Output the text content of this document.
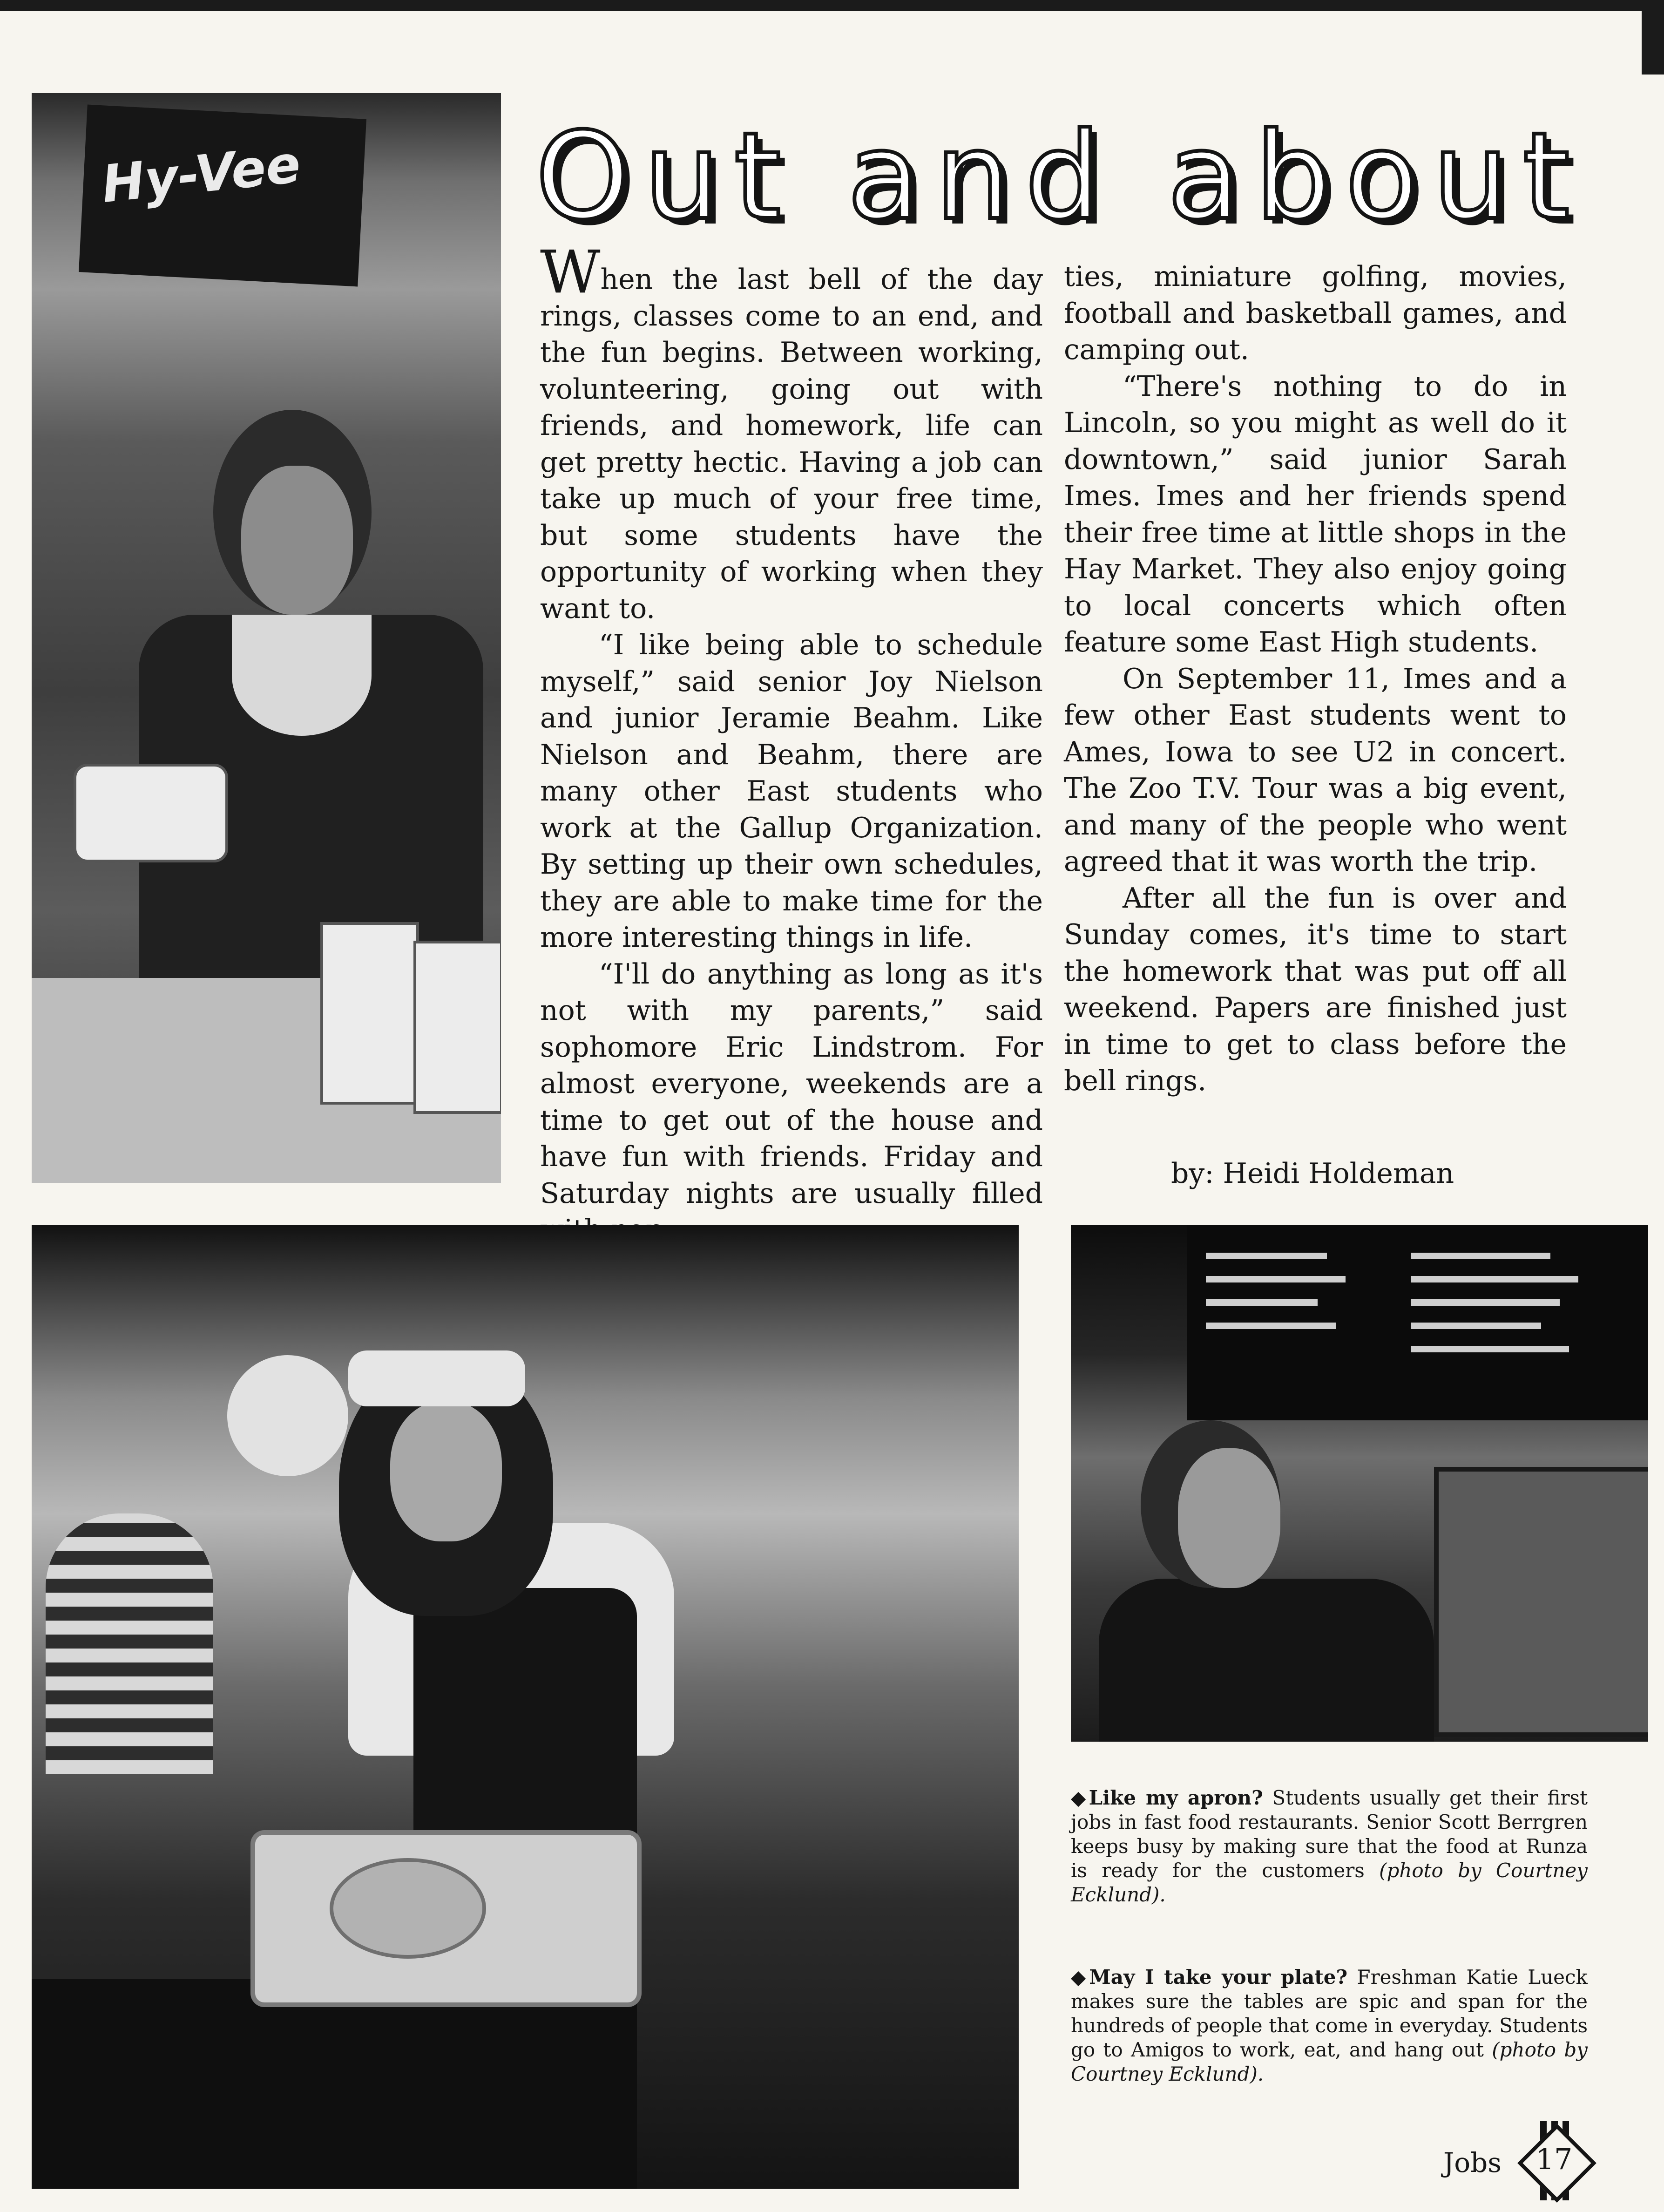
Hy-Vee Out and about

When the last bell of the day rings, classes come to an end, and the fun begins. Between working, volunteering, going out with friends, and homework, life can get pretty hectic. Having a job can take up much of your free time, but some students have the opportunity of working when they want to.

“I like being able to schedule myself,” said senior Joy Nielson and junior Jeramie Beahm. Like Nielson and Beahm, there are many other East students who work at the Gallup Organization. By setting up their own schedules, they are able to make time for the more interesting things in life.

“I'll do anything as long as it's not with my parents,” said sophomore Eric Lindstrom. For almost everyone, weekends are a time to get out of the house and have fun with friends. Friday and Saturday nights are usually filled

ties, miniature golfing, movies, football and basketball games, and camping out.

“There's nothing to do in Lincoln, so you might as well do it downtown,” said junior Sarah Imes. Imes and her friends spend their free time at little shops in the Hay Market. They also enjoy going to local concerts which often feature some East High students.

On September 11, Imes and a few other East students went to Ames, Iowa to see U2 in concert. The Zoo T.V. Tour was a big event, and many of the people who went agreed that it was worth the trip.

After all the fun is over and Sunday comes, it's time to start the homework that was put off all weekend. Papers are finished just in time to get to class before the bell rings.

by: Heidi Holdeman
◆Like my apron? Students usually get their first jobs in fast food restaurants. Senior Scott Berrgren keeps busy by making sure that the food at Runza is ready for the customers (photo by Courtney Ecklund).
◆May I take your plate? Freshman Katie Lueck makes sure the tables are spic and span for the hundreds of people that come in everyday. Students go to Amigos to work, eat, and hang out (photo by Courtney Ecklund).
Jobs	17
